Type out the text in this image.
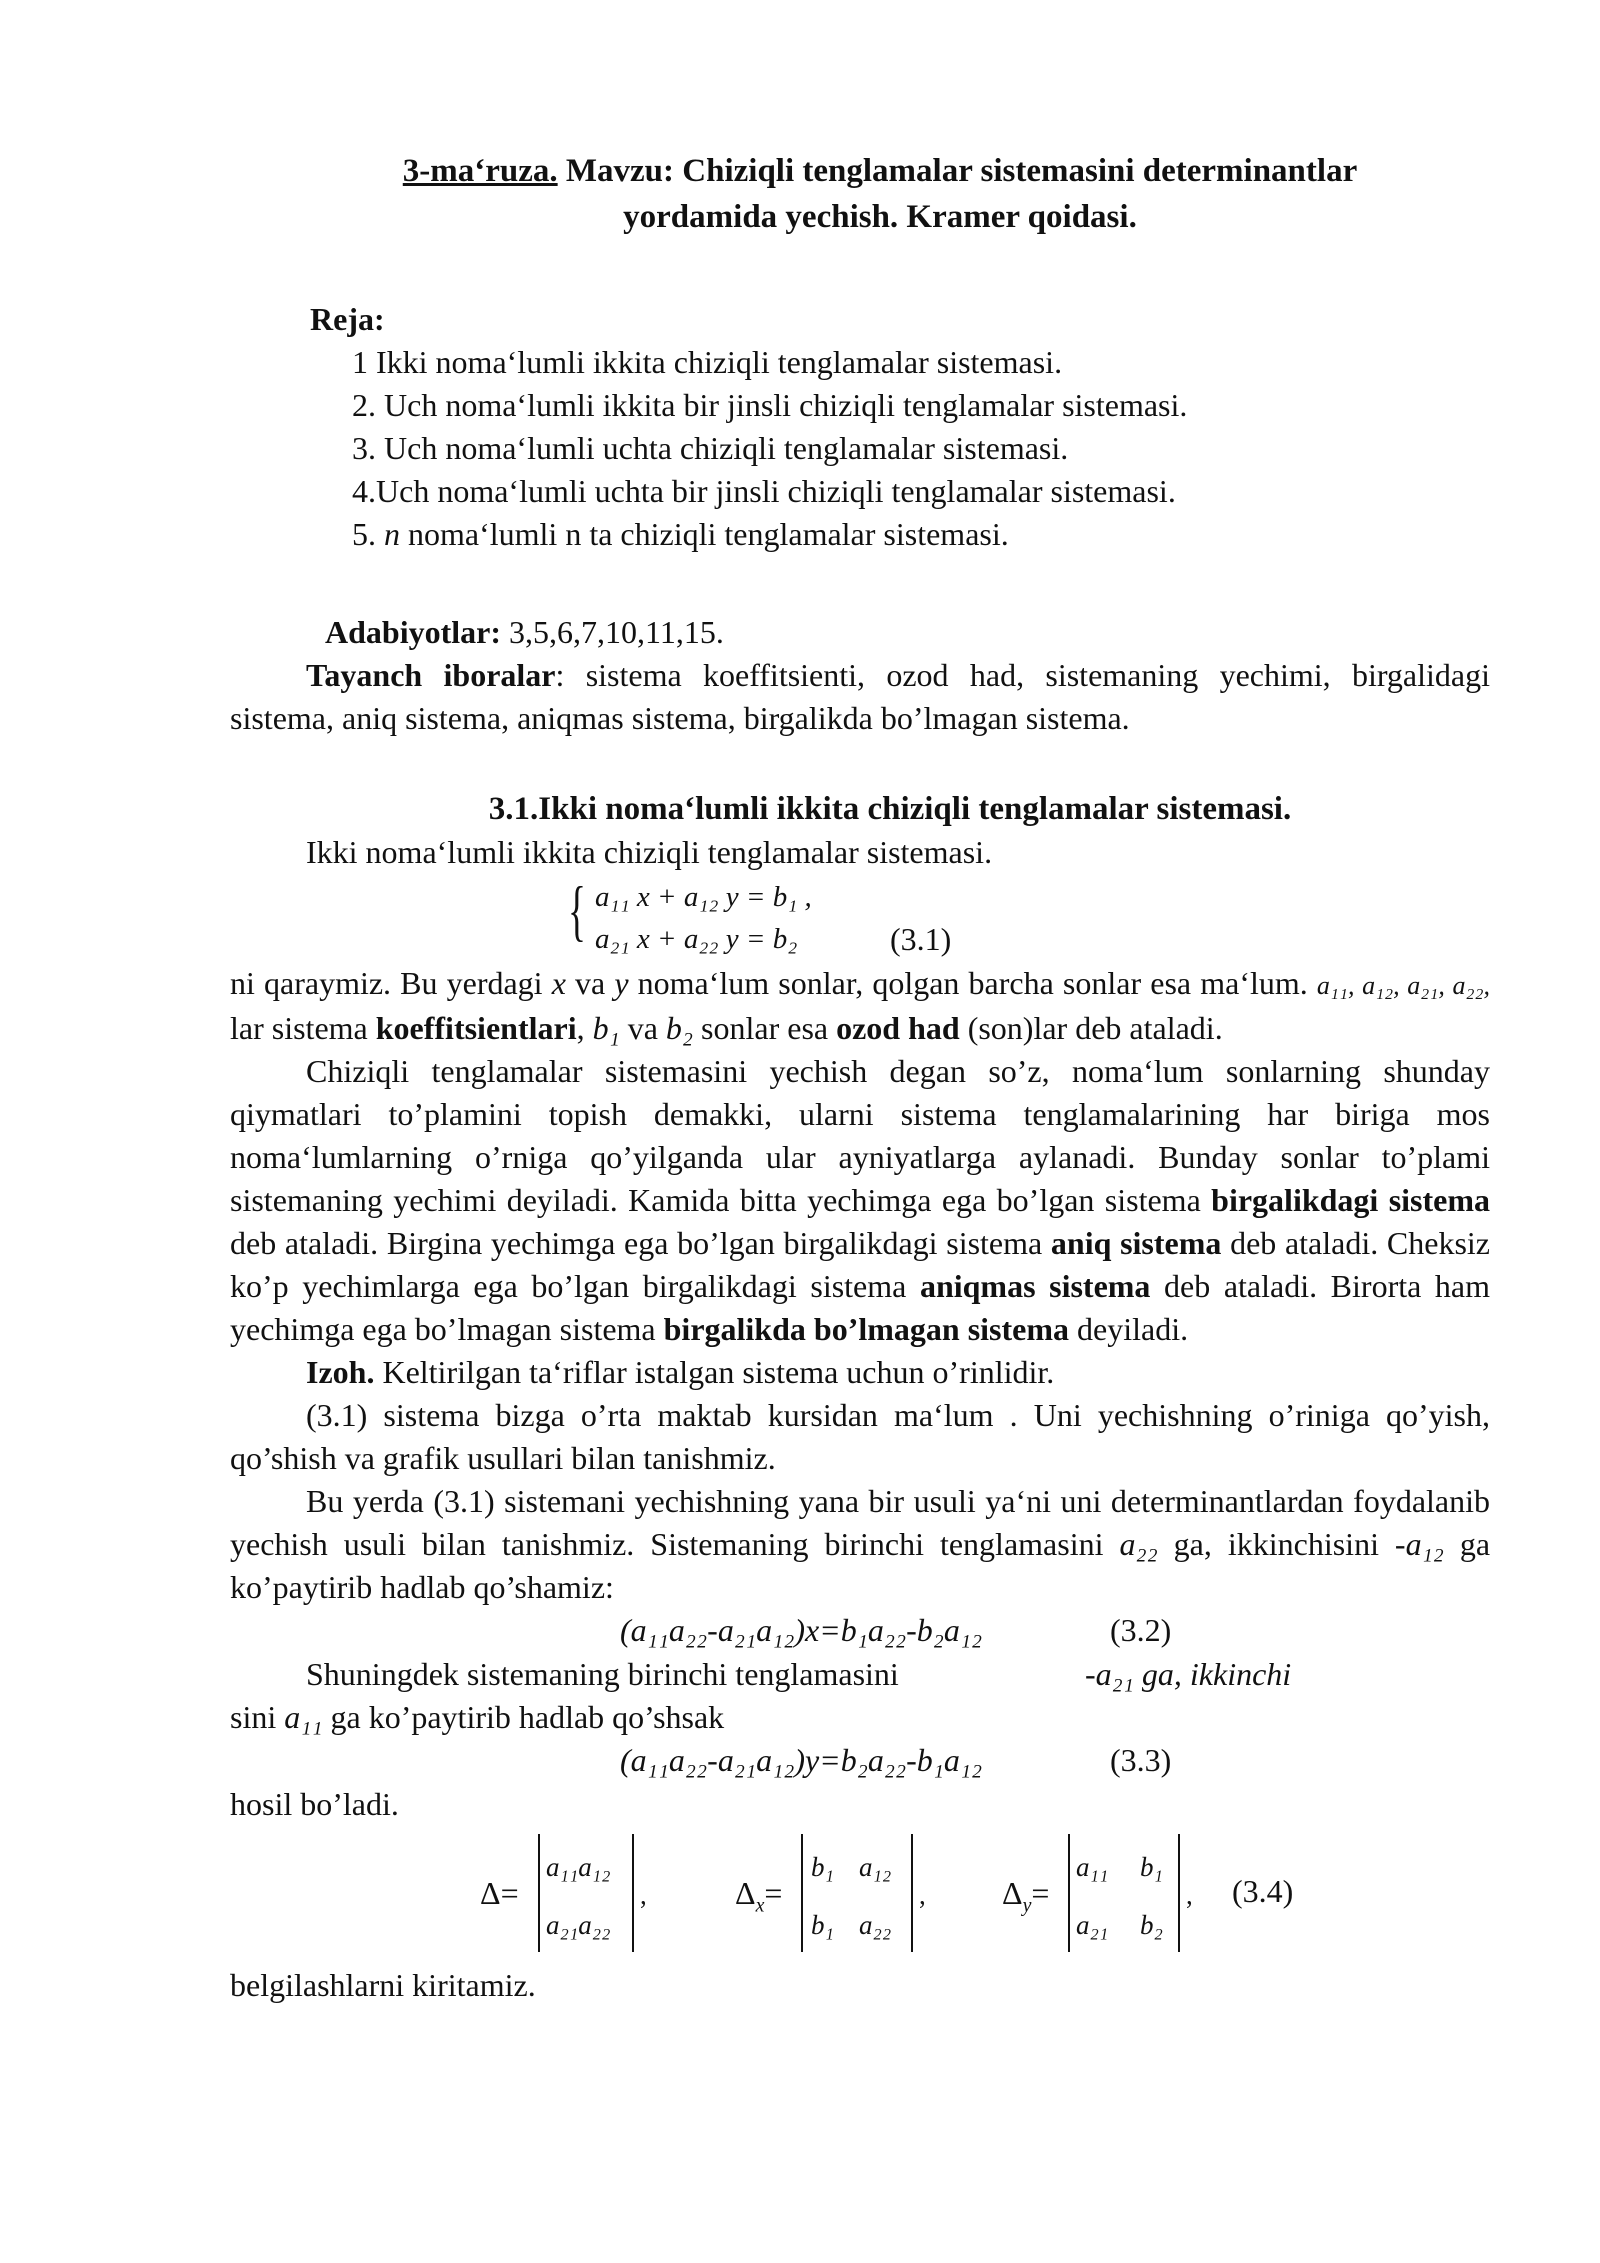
3-ma‘ruza. Mavzu: Chiziqli tenglamalar sistemasini determinantlar
yordamida yechish. Kramer qoidasi.
Reja:
1 Ikki noma‘lumli ikkita chiziqli tenglamalar sistemasi.
2. Uch noma‘lumli ikkita bir jinsli chiziqli tenglamalar sistemasi.
3. Uch noma‘lumli uchta chiziqli tenglamalar sistemasi.
4.Uch noma‘lumli uchta bir jinsli chiziqli tenglamalar sistemasi.
5. n noma‘lumli n ta chiziqli tenglamalar sistemasi.
Adabiyotlar: 3,5,6,7,10,11,15.

Tayanch iboralar: sistema koeffitsienti, ozod had, sistemaning yechimi, birgalidagi sistema, aniq sistema, aniqmas sistema, birgalikda bo’lmagan sistema.

3.1.Ikki noma‘lumli ikkita chiziqli tenglamalar sistemasi.

Ikki noma‘lumli ikkita chiziqli tenglamalar sistemasi.

{ a₁₁ x + a₁₂ y = b₁ ,
a₂₁ x + a₂₂ y = b₂	(3.1)

ni qaraymiz. Bu yerdagi x va y noma‘lum sonlar, qolgan barcha sonlar esa ma‘lum. a₁₁, a₁₂, a₂₁, a₂₂, lar sistema koeffitsientlari, b₁ va b₂ sonlar esa ozod had (son)lar deb ataladi.

Chiziqli tenglamalar sistemasini yechish degan so’z, noma‘lum sonlarning shunday qiymatlari to’plamini topish demakki, ularni sistema tenglamalarining har biriga mos noma‘lumlarning o’rniga qo’yilganda ular ayniyatlarga aylanadi. Bunday sonlar to’plami sistemaning yechimi deyiladi. Kamida bitta yechimga ega bo’lgan sistema birgalikdagi sistema deb ataladi. Birgina yechimga ega bo’lgan birgalikdagi sistema aniq sistema deb ataladi. Cheksiz ko’p yechimlarga ega bo’lgan birgalikdagi sistema aniqmas sistema deb ataladi. Birorta ham yechimga ega bo’lmagan sistema birgalikda bo’lmagan sistema deyiladi.

Izoh. Keltirilgan ta‘riflar istalgan sistema uchun o’rinlidir.

(3.1) sistema bizga o’rta maktab kursidan ma‘lum . Uni yechishning o’riniga qo’yish, qo’shish va grafik usullari bilan tanishmiz.

Bu yerda (3.1) sistemani yechishning yana bir usuli ya‘ni uni determinantlardan foydalanib yechish usuli bilan tanishmiz. Sistemaning birinchi tenglamasini a₂₂ ga, ikkinchisini -a₁₂ ga ko’paytirib hadlab qo’shamiz:

(a₁₁a₂₂-a₂₁a₁₂)x=b₁a₂₂-b₂a₁₂	(3.2)
Shuningdek sistemaning birinchi tenglamasini	-a₂₁ ga, ikkinchi

sini a₁₁ ga ko’paytirib hadlab qo’shsak

(a₁₁a₂₂-a₂₁a₁₂)y=b₂a₂₂-b₁a₁₂	(3.3)

hosil bo’ladi.

Δ=
a₁₁a₁₂
a₂₁a₂₂
,	$\Delta_x=$
b₁ a₁₂
b₁ a₂₂
, $\Delta_y=$
a₁₁ b₁
a₂₁ b₂
, (3.4)

belgilashlarni kiritamiz.
